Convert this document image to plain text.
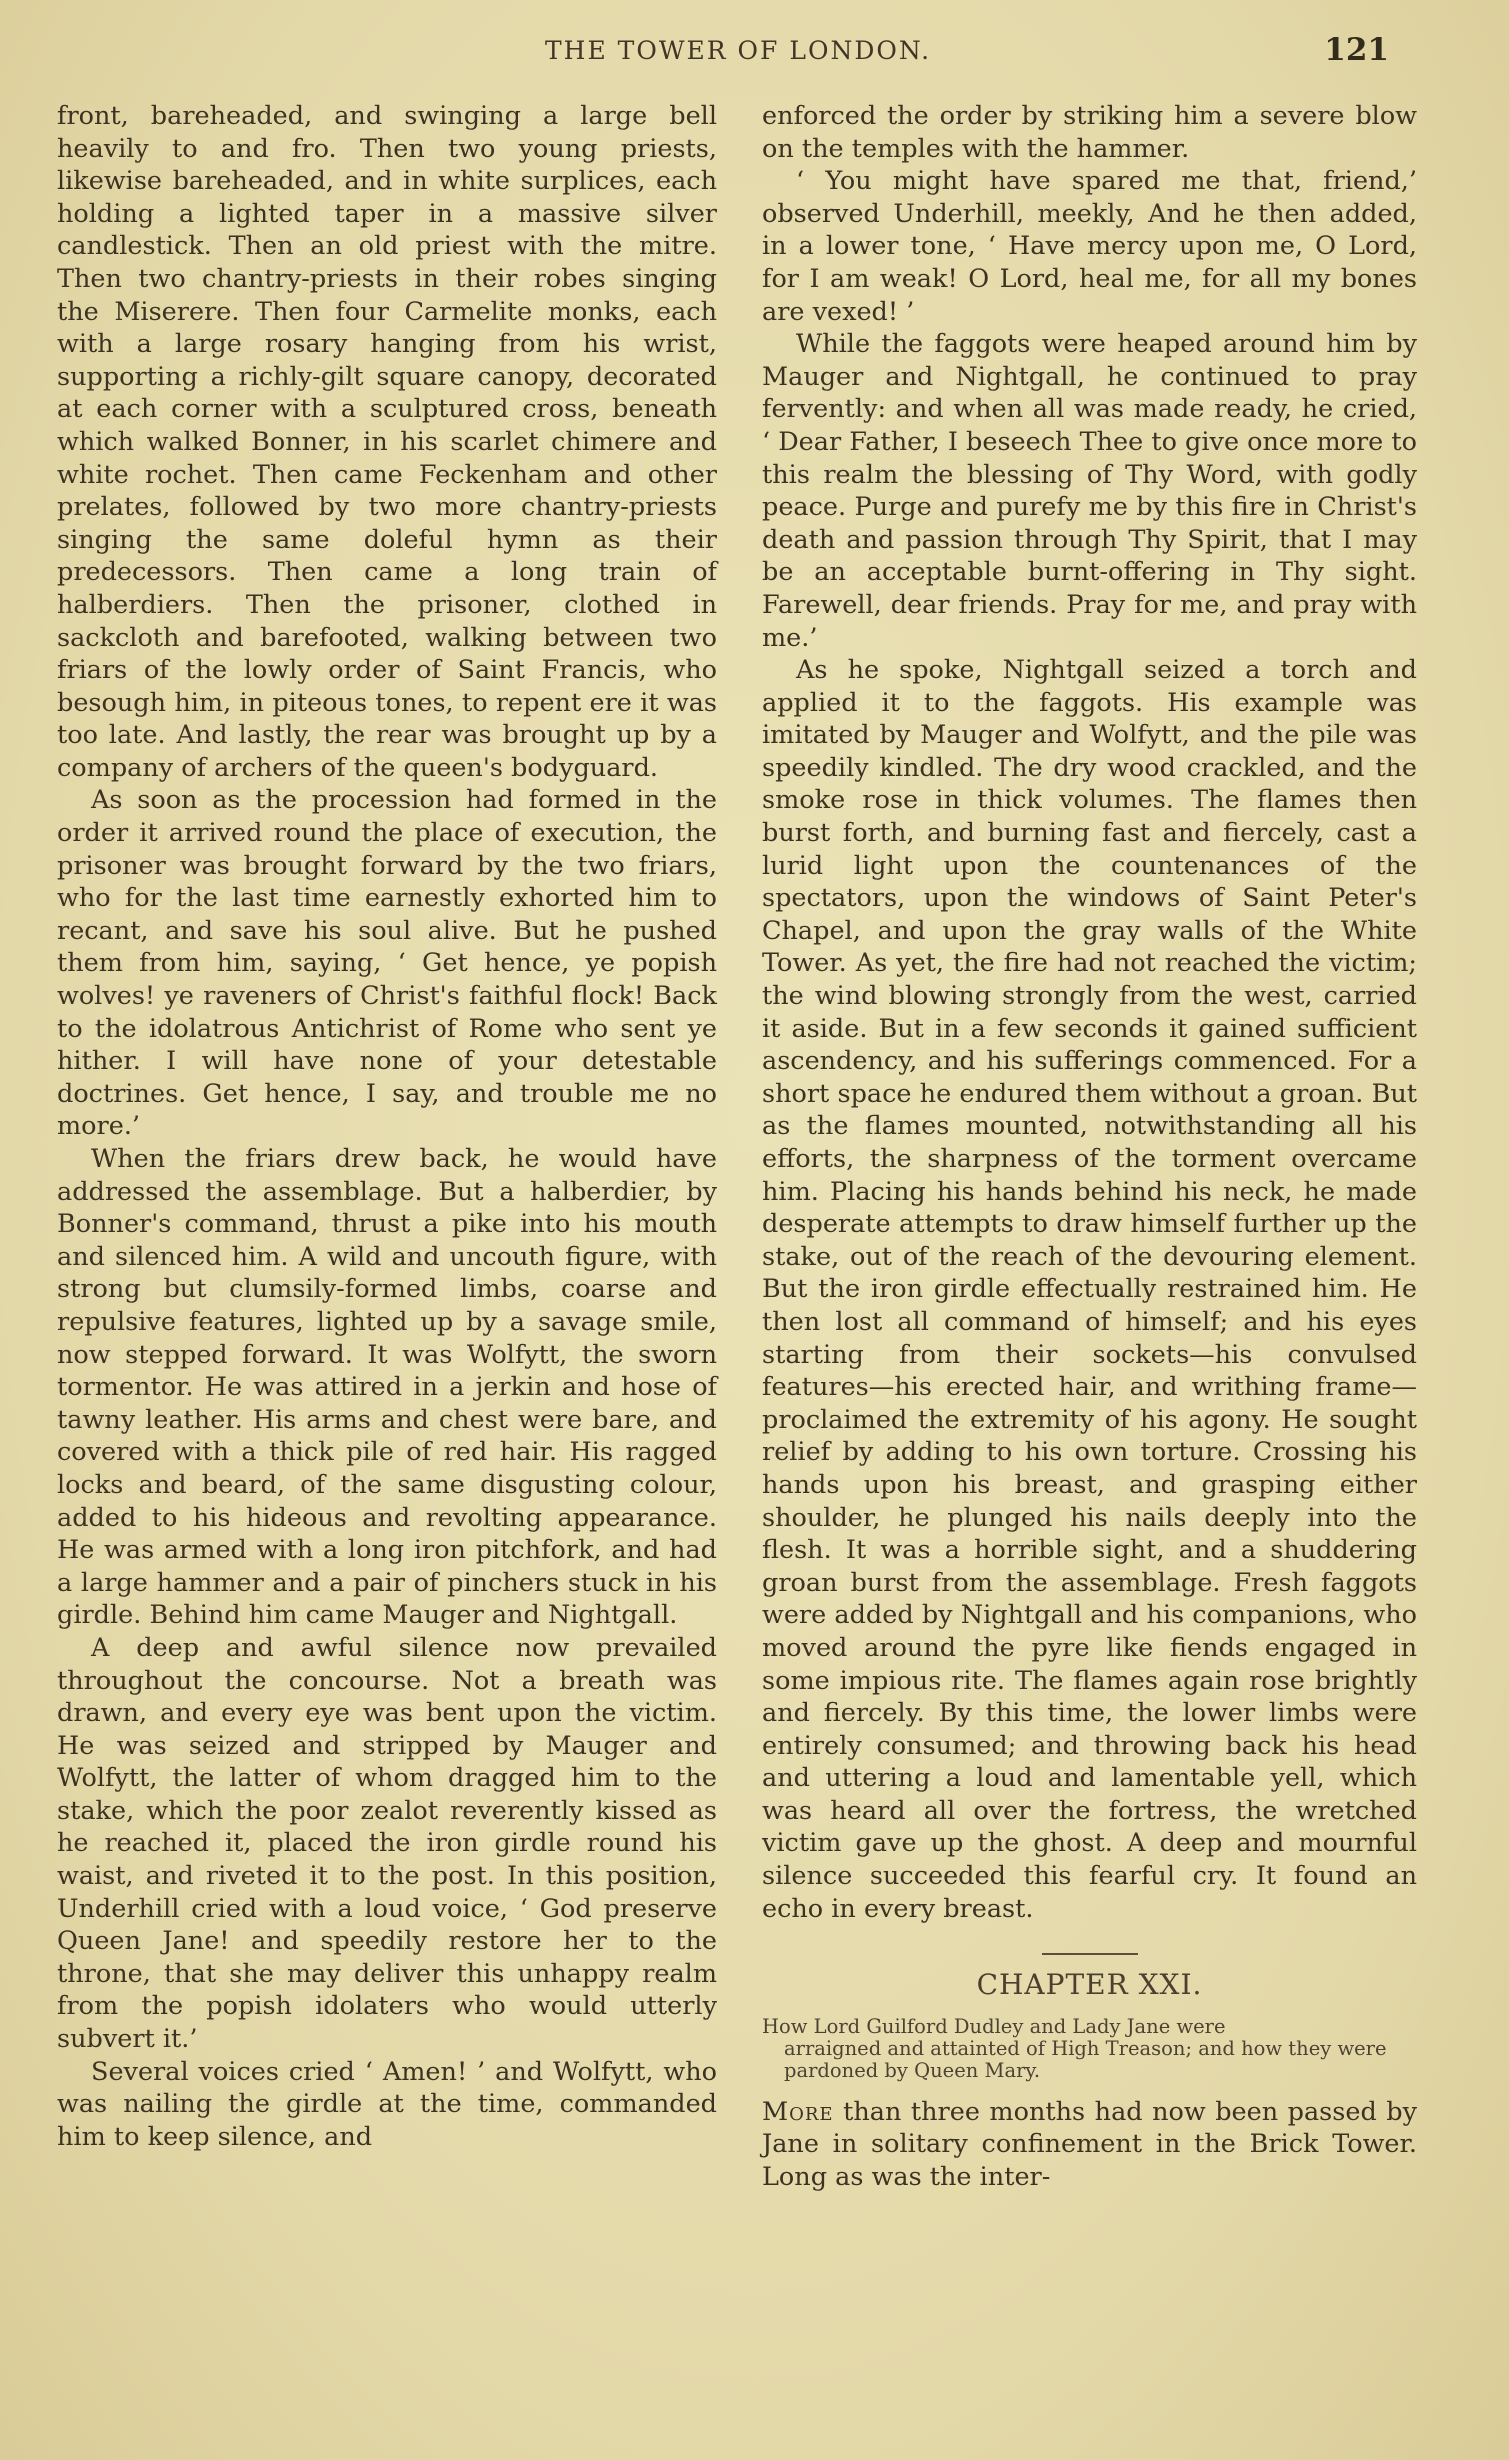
THE TOWER OF LONDON.	121

front, bareheaded, and swinging a large bell heavily to and fro. Then two young priests, likewise bareheaded, and in white surplices, each holding a lighted taper in a massive silver candlestick. Then an old priest with the mitre. Then two chantry-priests in their robes singing the Miserere. Then four Carmelite monks, each with a large rosary hanging from his wrist, supporting a richly-gilt square canopy, decorated at each corner with a sculptured cross, beneath which walked Bonner, in his scarlet chimere and white rochet. Then came Feckenham and other prelates, followed by two more chantry-priests singing the same doleful hymn as their predecessors. Then came a long train of halberdiers. Then the prisoner, clothed in sackcloth and barefooted, walking between two friars of the lowly order of Saint Francis, who besough him, in piteous tones, to repent ere it was too late. And lastly, the rear was brought up by a company of archers of the queen's bodyguard.

As soon as the procession had formed in the order it arrived round the place of execution, the prisoner was brought forward by the two friars, who for the last time earnestly exhorted him to recant, and save his soul alive. But he pushed them from him, saying, ‘ Get hence, ye popish wolves! ye raveners of Christ's faithful flock! Back to the idolatrous Antichrist of Rome who sent ye hither. I will have none of your detestable doctrines. Get hence, I say, and trouble me no more.’

When the friars drew back, he would have addressed the assemblage. But a halberdier, by Bonner's command, thrust a pike into his mouth and silenced him. A wild and uncouth figure, with strong but clumsily-formed limbs, coarse and repulsive features, lighted up by a savage smile, now stepped forward. It was Wolfytt, the sworn tormentor. He was attired in a jerkin and hose of tawny leather. His arms and chest were bare, and covered with a thick pile of red hair. His ragged locks and beard, of the same disgusting colour, added to his hideous and revolting appearance. He was armed with a long iron pitchfork, and had a large hammer and a pair of pinchers stuck in his girdle. Behind him came Mauger and Nightgall.

A deep and awful silence now prevailed throughout the concourse. Not a breath was drawn, and every eye was bent upon the victim. He was seized and stripped by Mauger and Wolfytt, the latter of whom dragged him to the stake, which the poor zealot reverently kissed as he reached it, placed the iron girdle round his waist, and riveted it to the post. In this position, Underhill cried with a loud voice, ‘ God preserve Queen Jane! and speedily restore her to the throne, that she may deliver this unhappy realm from the popish idolaters who would utterly subvert it.’

Several voices cried ‘ Amen! ’ and Wolfytt, who was nailing the girdle at the time, commanded him to keep silence, and

enforced the order by striking him a severe blow on the temples with the hammer.

‘ You might have spared me that, friend,’ observed Underhill, meekly, And he then added, in a lower tone, ‘ Have mercy upon me, O Lord, for I am weak! O Lord, heal me, for all my bones are vexed! ’

While the faggots were heaped around him by Mauger and Nightgall, he continued to pray fervently: and when all was made ready, he cried, ‘ Dear Father, I beseech Thee to give once more to this realm the blessing of Thy Word, with godly peace. Purge and purefy me by this fire in Christ's death and passion through Thy Spirit, that I may be an acceptable burnt-offering in Thy sight. Farewell, dear friends. Pray for me, and pray with me.’

As he spoke, Nightgall seized a torch and applied it to the faggots. His example was imitated by Mauger and Wolfytt, and the pile was speedily kindled. The dry wood crackled, and the smoke rose in thick volumes. The flames then burst forth, and burning fast and fiercely, cast a lurid light upon the countenances of the spectators, upon the windows of Saint Peter's Chapel, and upon the gray walls of the White Tower. As yet, the fire had not reached the victim; the wind blowing strongly from the west, carried it aside. But in a few seconds it gained sufficient ascendency, and his sufferings commenced. For a short space he endured them without a groan. But as the flames mounted, notwithstanding all his efforts, the sharpness of the torment overcame him. Placing his hands behind his neck, he made desperate attempts to draw himself further up the stake, out of the reach of the devouring element. But the iron girdle effectually restrained him. He then lost all command of himself; and his eyes starting from their sockets—his convulsed features—his erected hair, and writhing frame—proclaimed the extremity of his agony. He sought relief by adding to his own torture. Crossing his hands upon his breast, and grasping either shoulder, he plunged his nails deeply into the flesh. It was a horrible sight, and a shuddering groan burst from the assemblage. Fresh faggots were added by Nightgall and his companions, who moved around the pyre like fiends engaged in some impious rite. The flames again rose brightly and fiercely. By this time, the lower limbs were entirely consumed; and throwing back his head and uttering a loud and lamentable yell, which was heard all over the fortress, the wretched victim gave up the ghost. A deep and mournful silence succeeded this fearful cry. It found an echo in every breast.

CHAPTER XXI.
How Lord Guilford Dudley and Lady Jane were
arraigned and attainted of High Treason; and how they were pardoned by Queen Mary.

More than three months had now been passed by Jane in solitary confinement in the Brick Tower. Long as was the inter-
